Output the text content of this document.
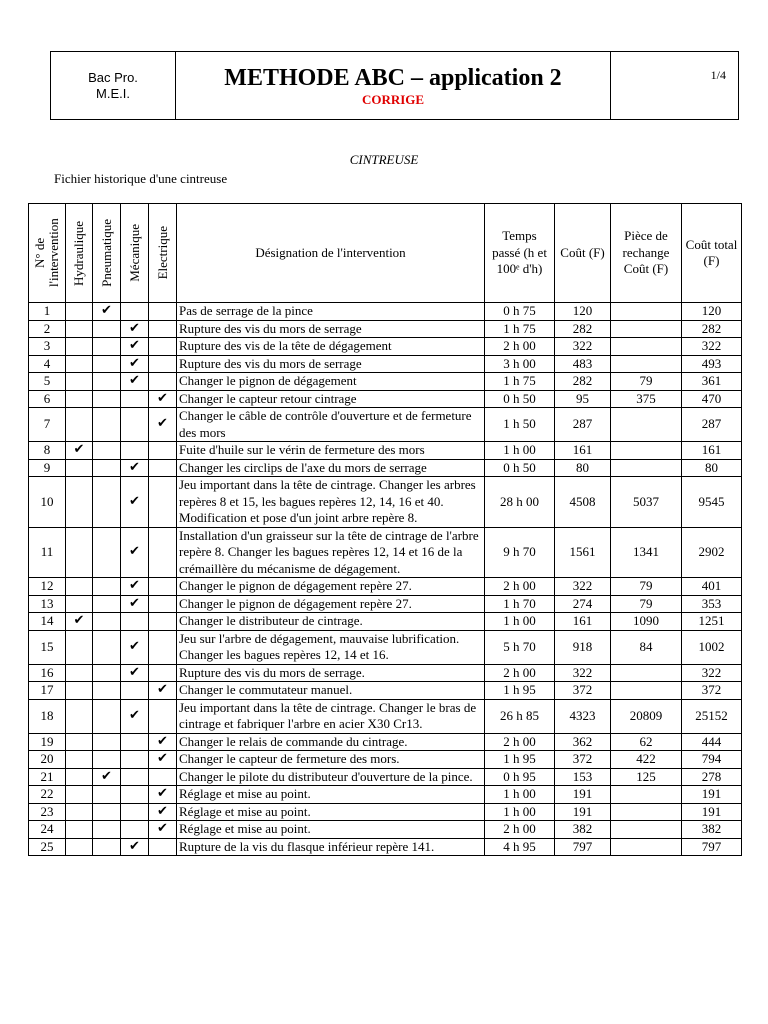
Bac Pro.
M.E.I.
METHODE ABC – application 2
CORRIGE
1/4
CINTREUSE
Fichier historique d'une cintreuse
N° de l'intervention	Hydraulique	Pneumatique	Mécanique	Electrique	Désignation de l'intervention	Temps passé (h et 100ᵉ d'h)	Coût (F)	Pièce de rechange Coût (F)	Coût total (F)
1		✔			Pas de serrage de la pince	0 h 75	120		120
2			✔		Rupture des vis du mors de serrage	1 h 75	282		282
3			✔		Rupture des vis de la tête de dégagement	2 h 00	322		322
4			✔		Rupture des vis du mors de serrage	3 h 00	483		493
5			✔		Changer le pignon de dégagement	1 h 75	282	79	361
6				✔	Changer le capteur retour cintrage	0 h 50	95	375	470
7				✔	Changer le câble de contrôle d'ouverture et de fermeture des mors	1 h 50	287		287
8	✔				Fuite d'huile sur le vérin de fermeture des mors	1 h 00	161		161
9			✔		Changer les circlips de l'axe du mors de serrage	0 h 50	80		80
10			✔		Jeu important dans la tête de cintrage. Changer les arbres repères 8 et 15, les bagues repères 12, 14, 16 et 40. Modification et pose d'un joint arbre repère 8.	28 h 00	4508	5037	9545
11			✔		Installation d'un graisseur sur la tête de cintrage de l'arbre repère 8. Changer les bagues repères 12, 14 et 16 de la crémaillère du mécanisme de dégagement.	9 h 70	1561	1341	2902
12			✔		Changer le pignon de dégagement repère 27.	2 h 00	322	79	401
13			✔		Changer le pignon de dégagement repère 27.	1 h 70	274	79	353
14	✔				Changer le distributeur de cintrage.	1 h 00	161	1090	1251
15			✔		Jeu sur l'arbre de dégagement, mauvaise lubrification. Changer les bagues repères 12, 14 et 16.	5 h 70	918	84	1002
16			✔		Rupture des vis du mors de serrage.	2 h 00	322		322
17				✔	Changer le commutateur manuel.	1 h 95	372		372
18			✔		Jeu important dans la tête de cintrage. Changer le bras de cintrage et fabriquer l'arbre en acier X30 Cr13.	26 h 85	4323	20809	25152
19				✔	Changer le relais de commande du cintrage.	2 h 00	362	62	444
20				✔	Changer le capteur de fermeture des mors.	1 h 95	372	422	794
21		✔			Changer le pilote du distributeur d'ouverture de la pince.	0 h 95	153	125	278
22				✔	Réglage et mise au point.	1 h 00	191		191
23				✔	Réglage et mise au point.	1 h 00	191		191
24				✔	Réglage et mise au point.	2 h 00	382		382
25			✔		Rupture de la vis du flasque inférieur repère 141.	4 h 95	797		797
